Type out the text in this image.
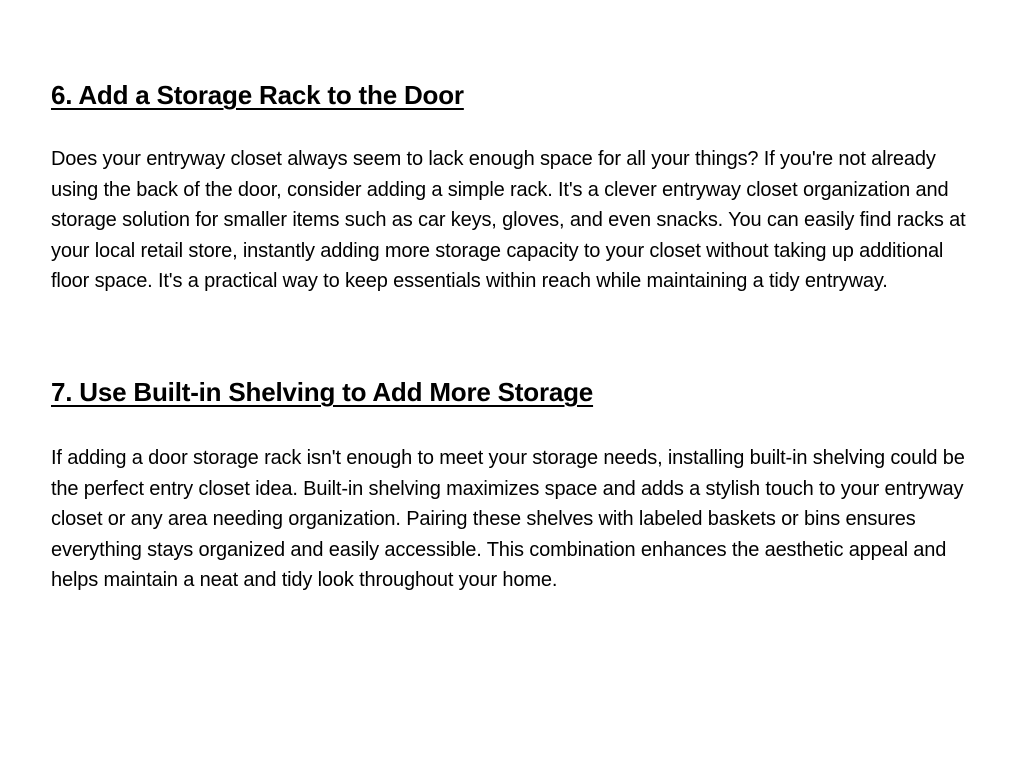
6. Add a Storage Rack to the Door

Does your entryway closet always seem to lack enough space for all your things? If you're not already using the back of the door, consider adding a simple rack. It's a clever entryway closet organization and storage solution for smaller items such as car keys, gloves, and even snacks. You can easily find racks at your local retail store, instantly adding more storage capacity to your closet without taking up additional floor space. It's a practical way to keep essentials within reach while maintaining a tidy entryway.

7. Use Built-in Shelving to Add More Storage

If adding a door storage rack isn't enough to meet your storage needs, installing built-in shelving could be the perfect entry closet idea. Built-in shelving maximizes space and adds a stylish touch to your entryway closet or any area needing organization. Pairing these shelves with labeled baskets or bins ensures everything stays organized and easily accessible. This combination enhances the aesthetic appeal and helps maintain a neat and tidy look throughout your home.
